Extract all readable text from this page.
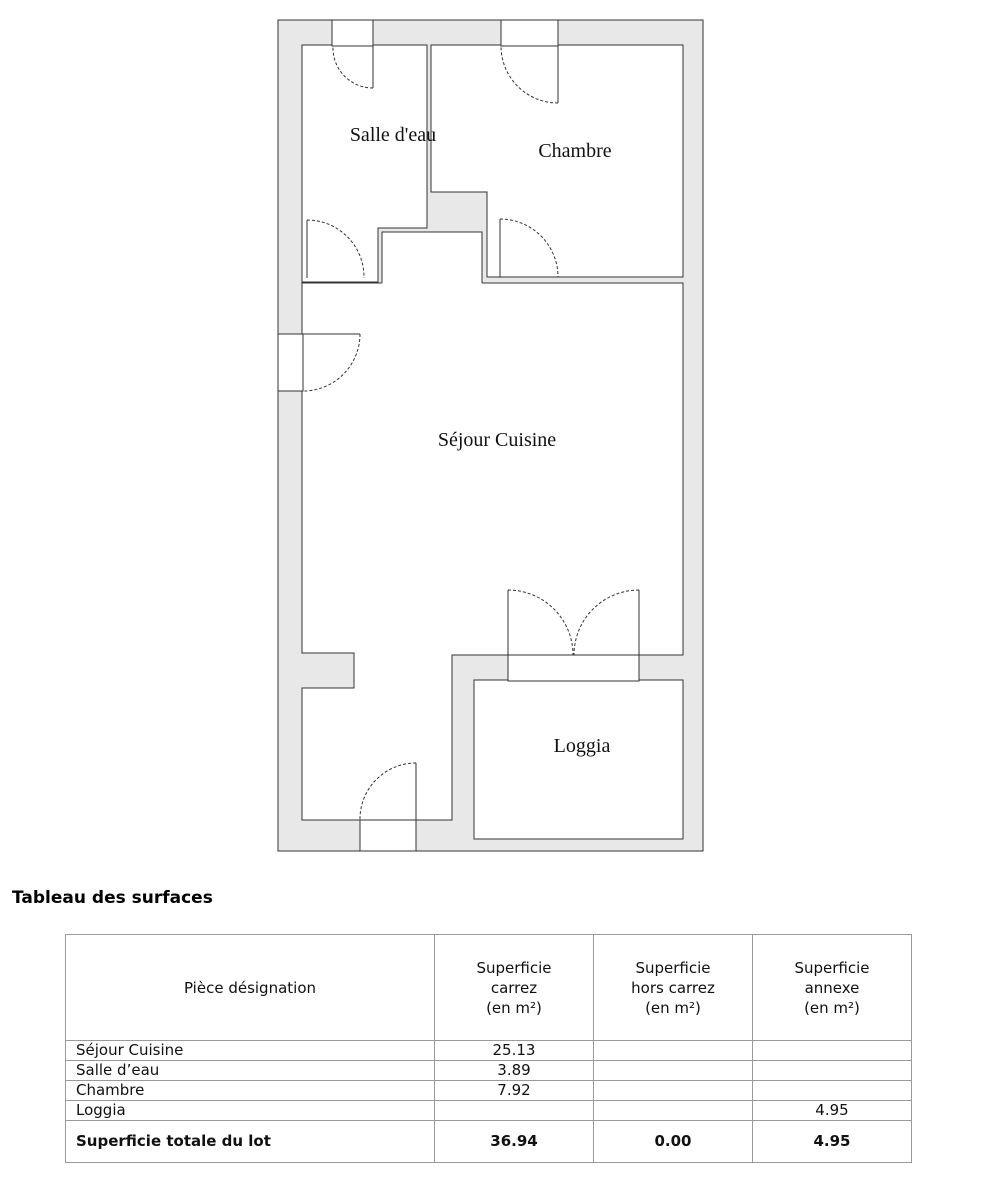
Salle d'eau
Chambre
Séjour Cuisine
Loggia
Tableau des surfaces
Pièce désignation	Superficie
carrez
(en m²)	Superficie
hors carrez
(en m²)	Superficie
annexe
(en m²)
Séjour Cuisine	25.13		
Salle d’eau	3.89		
Chambre	7.92		
Loggia			4.95
Superficie totale du lot	36.94	0.00	4.95
